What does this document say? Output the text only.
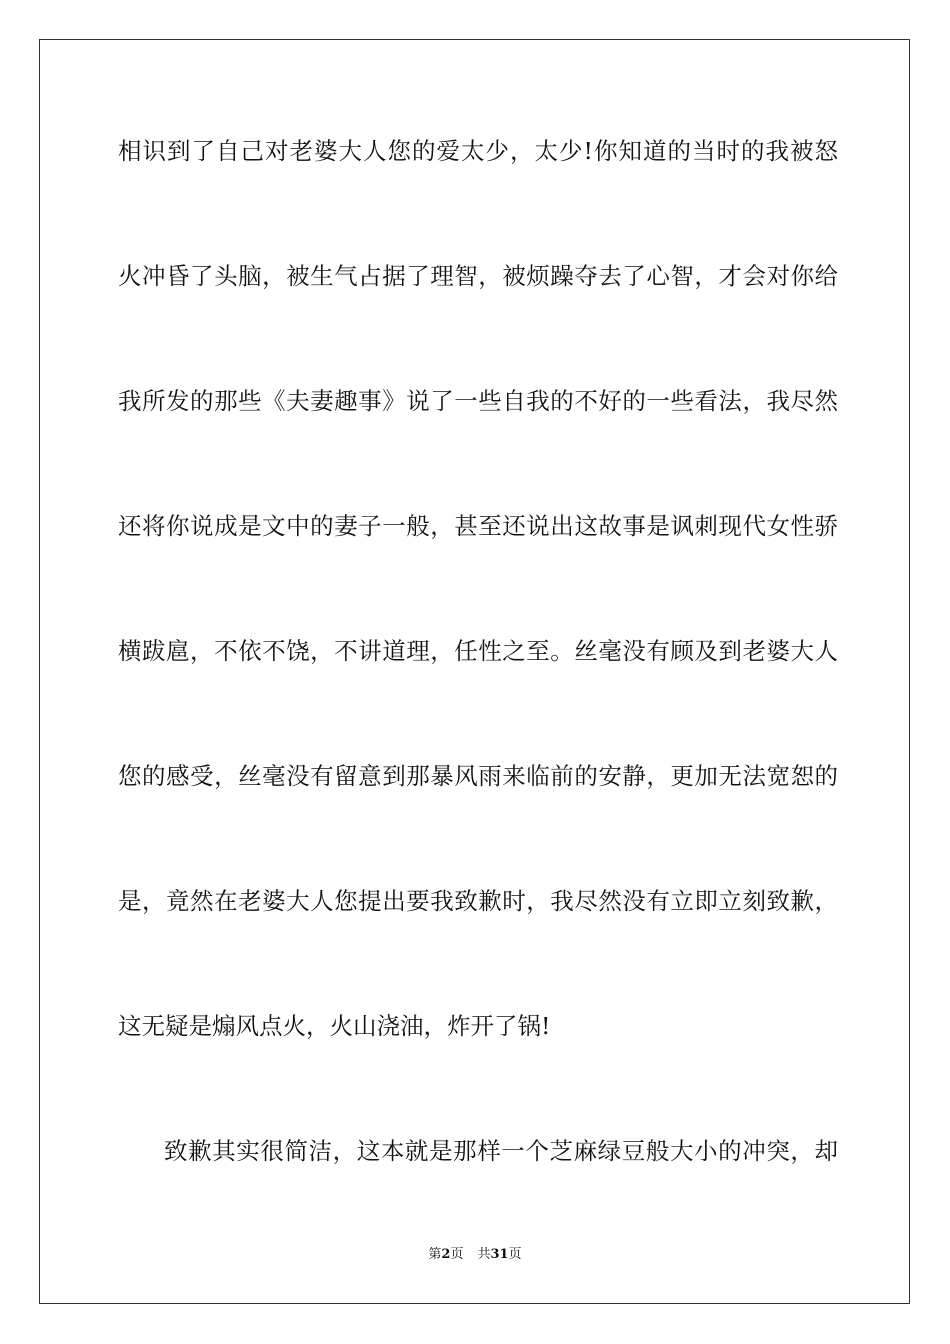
相识到了自己对老婆大人您的爱太少，太少!你知道的当时的我被怒
火冲昏了头脑，被生气占据了理智，被烦躁夺去了心智，才会对你给
我所发的那些《夫妻趣事》说了一些自我的不好的一些看法，我尽然
还将你说成是文中的妻子一般，甚至还说出这故事是讽刺现代女性骄
横跋扈，不依不饶，不讲道理，任性之至。丝毫没有顾及到老婆大人
您的感受，丝毫没有留意到那暴风雨来临前的安静，更加无法宽恕的
是，竟然在老婆大人您提出要我致歉时，我尽然没有立即立刻致歉，
这无疑是煽风点火，火山浇油，炸开了锅!
致歉其实很简洁，这本就是那样一个芝麻绿豆般大小的冲突，却
第2页 共31页
